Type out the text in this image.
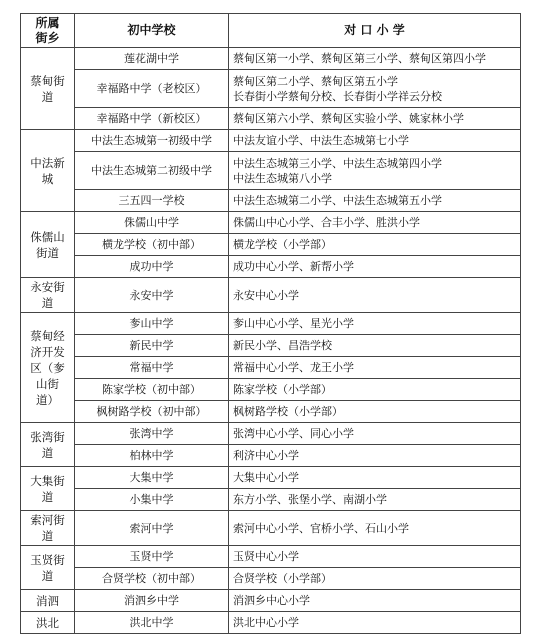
所属街乡	初中学校	对 口 小 学
蔡甸街道	莲花湖中学	蔡甸区第一小学、蔡甸区第三小学、蔡甸区第四小学

	幸福路中学（老校区）	蔡甸区第二小学、蔡甸区第五小学
长春街小学蔡甸分校、长春街小学祥云分校

	幸福路中学（新校区）	蔡甸区第六小学、蔡甸区实验小学、姚家林小学

中法新城	中法生态城第一初级中学	中法友谊小学、中法生态城第七小学

	中法生态城第二初级中学	中法生态城第三小学、中法生态城第四小学
中法生态城第八小学

	三五四一学校	中法生态城第二小学、中法生态城第五小学

侏儒山街道	侏儒山中学	侏儒山中心小学、合丰小学、胜洪小学

	横龙学校（初中部）	横龙学校（小学部）

	成功中学	成功中心小学、新帮小学

永安街道	永安中学	永安中心小学

蔡甸经济开发区（奓山街道）	奓山中学	奓山中心小学、星光小学

	新民中学	新民小学、昌浩学校

	常福中学	常福中心小学、龙王小学

	陈家学校（初中部）	陈家学校（小学部）

	枫树路学校（初中部）	枫树路学校（小学部）

张湾街道	张湾中学	张湾中心小学、同心小学

	柏林中学	利济中心小学

大集街道	大集中学	大集中心小学

	小集中学	东方小学、张堡小学、南湖小学

索河街道	索河中学	索河中心小学、官桥小学、石山小学

玉贤街道	玉贤中学	玉贤中心小学

	合贤学校（初中部）	合贤学校（小学部）

消泗	消泗乡中学	消泗乡中心小学

洪北	洪北中学	洪北中心小学
